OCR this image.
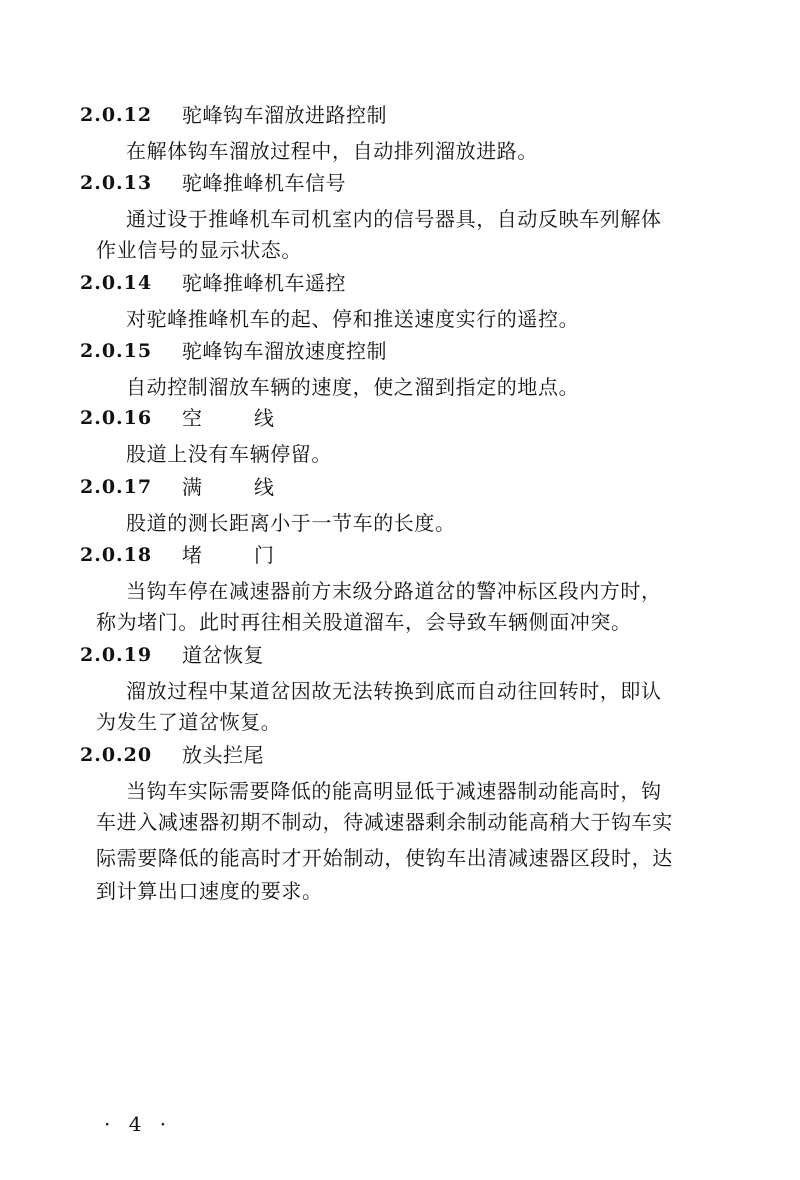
2.0.12 驼峰钩车溜放进路控制
在解体钩车溜放过程中，自动排列溜放进路。
2.0.13 驼峰推峰机车信号
通过设于推峰机车司机室内的信号器具，自动反映车列解体
作业信号的显示状态。
2.0.14 驼峰推峰机车遥控
对驼峰推峰机车的起、停和推送速度实行的遥控。
2.0.15 驼峰钩车溜放速度控制
自动控制溜放车辆的速度，使之溜到指定的地点。
2.0.16 空线
股道上没有车辆停留。
2.0.17 满线
股道的测长距离小于一节车的长度。
2.0.18 堵门
当钩车停在减速器前方末级分路道岔的警冲标区段内方时，
称为堵门。此时再往相关股道溜车，会导致车辆侧面冲突。
2.0.19 道岔恢复
溜放过程中某道岔因故无法转换到底而自动往回转时，即认
为发生了道岔恢复。
2.0.20 放头拦尾
当钩车实际需要降低的能高明显低于减速器制动能高时，钩
车进入减速器初期不制动，待减速器剩余制动能高稍大于钩车实
际需要降低的能高时才开始制动，使钩车出清减速器区段时，达
到计算出口速度的要求。
· 4 ·
